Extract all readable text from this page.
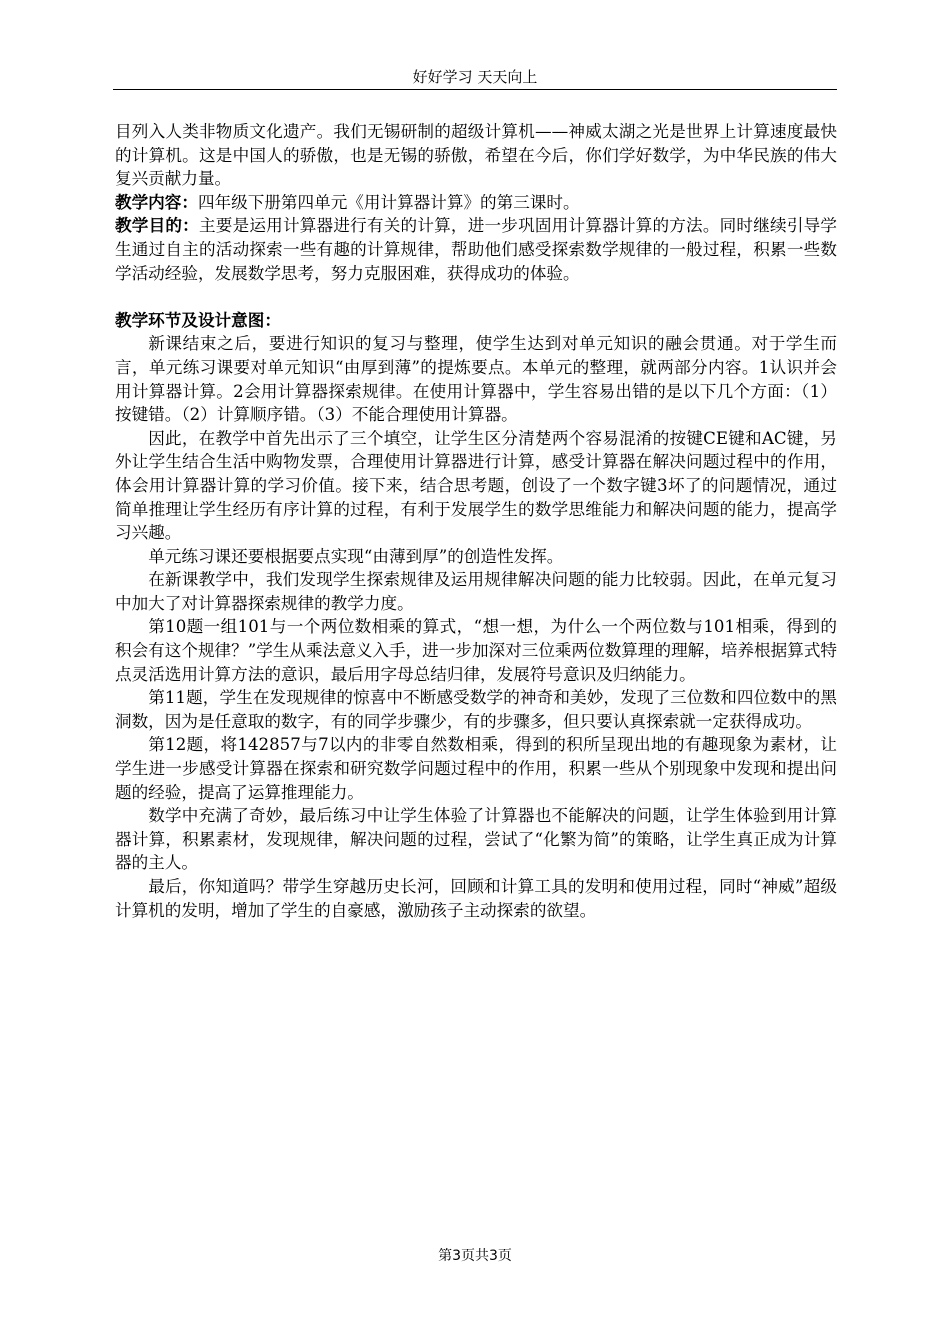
好好学习 天天向上

目列入人类非物质文化遗产。我们无锡研制的超级计算机——神威太湖之光是世界上计算速度最快的计算机。这是中国人的骄傲，也是无锡的骄傲，希望在今后，你们学好数学，为中华民族的伟大复兴贡献力量。

教学内容：四年级下册第四单元《用计算器计算》的第三课时。

教学目的：主要是运用计算器进行有关的计算，进一步巩固用计算器计算的方法。同时继续引导学生通过自主的活动探索一些有趣的计算规律，帮助他们感受探索数学规律的一般过程，积累一些数学活动经验，发展数学思考，努力克服困难，获得成功的体验。

教学环节及设计意图：

新课结束之后，要进行知识的复习与整理，使学生达到对单元知识的融会贯通。对于学生而言，单元练习课要对单元知识“由厚到薄”的提炼要点。本单元的整理，就两部分内容。1认识并会用计算器计算。2会用计算器探索规律。在使用计算器中，学生容易出错的是以下几个方面：（1）按键错。（2）计算顺序错。（3）不能合理使用计算器。

因此，在教学中首先出示了三个填空，让学生区分清楚两个容易混淆的按键CE键和AC键，另外让学生结合生活中购物发票，合理使用计算器进行计算，感受计算器在解决问题过程中的作用，体会用计算器计算的学习价值。接下来，结合思考题，创设了一个数字键3坏了的问题情况，通过简单推理让学生经历有序计算的过程，有利于发展学生的数学思维能力和解决问题的能力，提高学习兴趣。

单元练习课还要根据要点实现“由薄到厚”的创造性发挥。

在新课教学中，我们发现学生探索规律及运用规律解决问题的能力比较弱。因此，在单元复习中加大了对计算器探索规律的教学力度。

第10题一组101与一个两位数相乘的算式，“想一想，为什么一个两位数与101相乘，得到的积会有这个规律？”学生从乘法意义入手，进一步加深对三位乘两位数算理的理解，培养根据算式特点灵活选用计算方法的意识，最后用字母总结归律，发展符号意识及归纳能力。

第11题，学生在发现规律的惊喜中不断感受数学的神奇和美妙，发现了三位数和四位数中的黑洞数，因为是任意取的数字，有的同学步骤少，有的步骤多，但只要认真探索就一定获得成功。

第12题，将142857与7以内的非零自然数相乘，得到的积所呈现出地的有趣现象为素材，让学生进一步感受计算器在探索和研究数学问题过程中的作用，积累一些从个别现象中发现和提出问题的经验，提高了运算推理能力。

数学中充满了奇妙，最后练习中让学生体验了计算器也不能解决的问题，让学生体验到用计算器计算，积累素材，发现规律，解决问题的过程，尝试了“化繁为简”的策略，让学生真正成为计算器的主人。

最后，你知道吗？带学生穿越历史长河，回顾和计算工具的发明和使用过程，同时“神威”超级计算机的发明，增加了学生的自豪感，激励孩子主动探索的欲望。

第3页共3页
